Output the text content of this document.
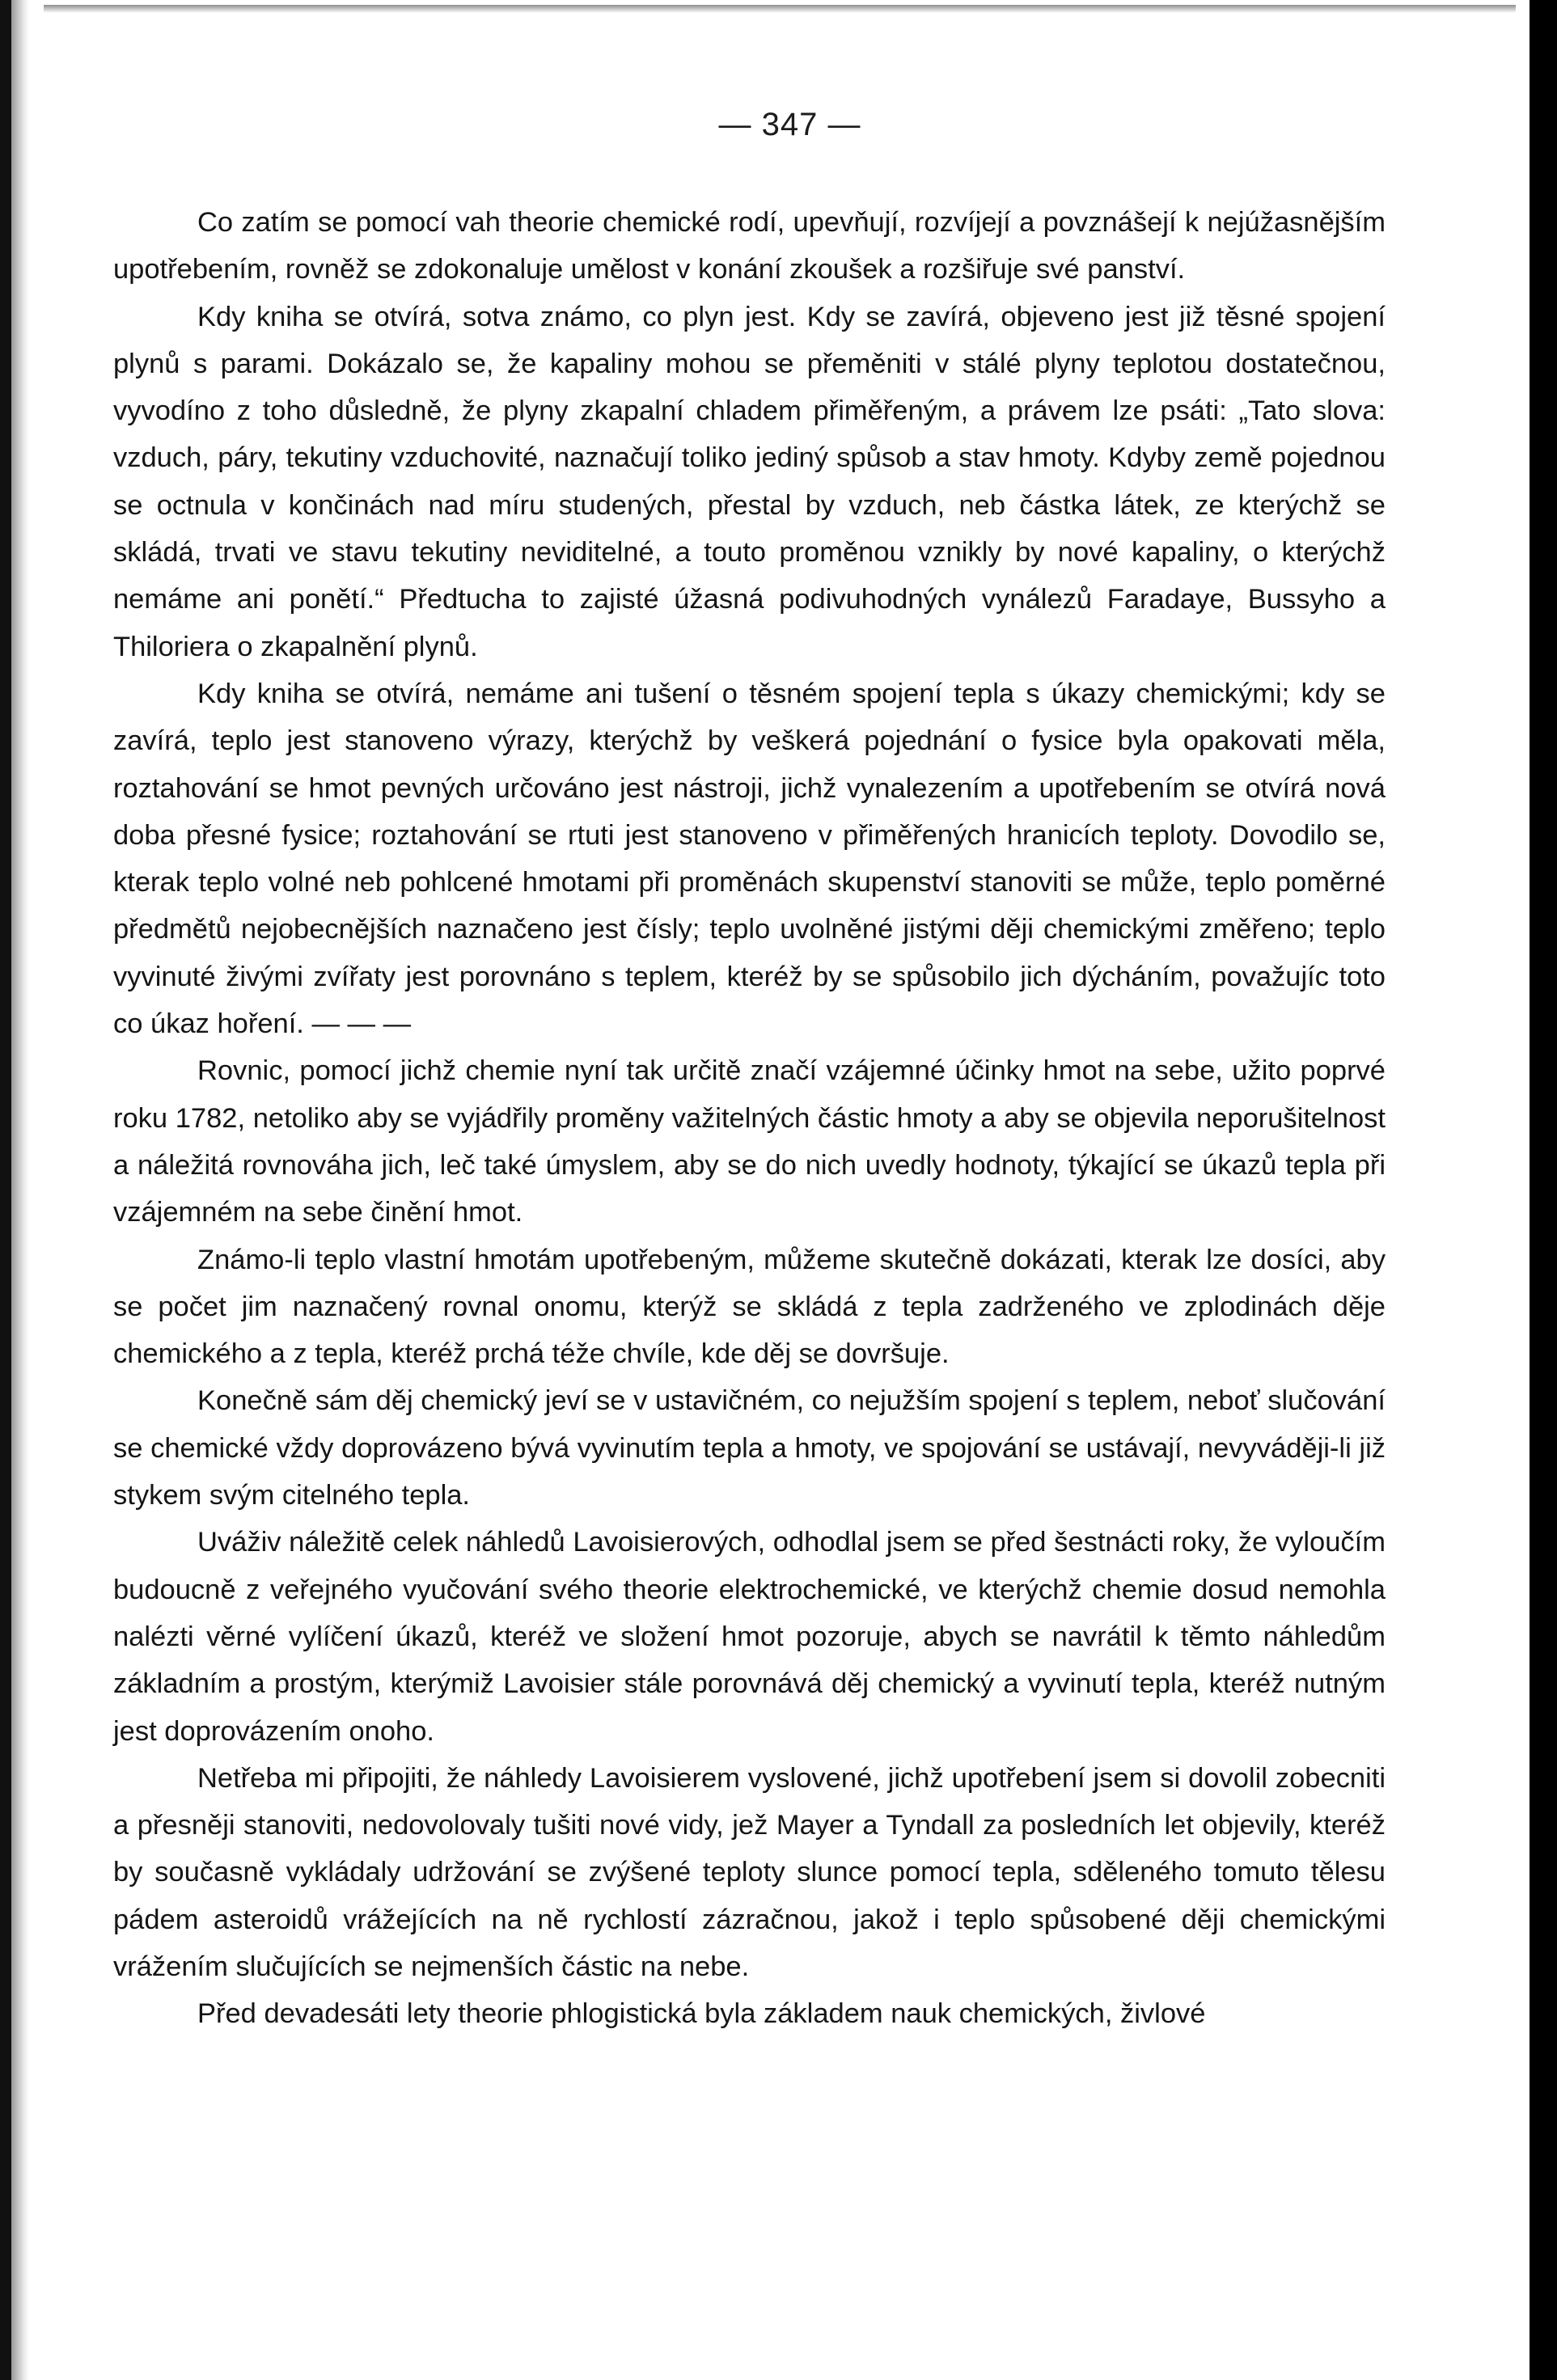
— 347 —

Co zatím se pomocí vah theorie chemické rodí, upevňují, rozvíjejí a povznášejí k nejúžasnějším upotřebením, rovněž se zdokonaluje umělost v konání zkoušek a rozšiřuje své panství.

Kdy kniha se otvírá, sotva známo, co plyn jest. Kdy se zavírá, objeveno jest již těsné spojení plynů s parami. Dokázalo se, že kapaliny mohou se přeměniti v stálé plyny teplotou dostatečnou, vyvodíno z toho důsledně, že plyny zkapalní chladem přiměřeným, a právem lze psáti: „Tato slova: vzduch, páry, tekutiny vzduchovité, naznačují toliko jediný spůsob a stav hmoty. Kdyby země pojednou se octnula v končinách nad míru studených, přestal by vzduch, neb částka látek, ze kterýchž se skládá, trvati ve stavu tekutiny neviditelné, a touto proměnou vznikly by nové kapaliny, o kterýchž nemáme ani ponětí.“ Předtucha to zajisté úžasná podivuhodných vynálezů Faradaye, Bussyho a Thiloriera o zkapalnění plynů.

Kdy kniha se otvírá, nemáme ani tušení o těsném spojení tepla s úkazy chemickými; kdy se zavírá, teplo jest stanoveno výrazy, kterýchž by veškerá pojednání o fysice byla opakovati měla, roztahování se hmot pevných určováno jest nástroji, jichž vynalezením a upotřebením se otvírá nová doba přesné fysice; roztahování se rtuti jest stanoveno v přiměřených hranicích teploty. Dovodilo se, kterak teplo volné neb pohlcené hmotami při proměnách skupenství stanoviti se může, teplo poměrné předmětů nejobecnějších naznačeno jest čísly; teplo uvolněné jistými ději chemickými změřeno; teplo vyvinuté živými zvířaty jest porovnáno s teplem, kteréž by se spůsobilo jich dýcháním, považujíc toto co úkaz hoření. — — —

Rovnic, pomocí jichž chemie nyní tak určitě značí vzájemné účinky hmot na sebe, užito poprvé roku 1782, netoliko aby se vyjádřily proměny važitelných částic hmoty a aby se objevila neporušitelnost a náležitá rovnováha jich, leč také úmyslem, aby se do nich uvedly hodnoty, týkající se úkazů tepla při vzájemném na sebe činění hmot.

Známo-li teplo vlastní hmotám upotřebeným, můžeme skutečně dokázati, kterak lze dosíci, aby se počet jim naznačený rovnal onomu, kterýž se skládá z tepla zadrženého ve zplodinách děje chemického a z tepla, kteréž prchá téže chvíle, kde děj se dovršuje.

Konečně sám děj chemický jeví se v ustavičném, co nejužším spojení s teplem, neboť slučování se chemické vždy doprovázeno bývá vyvinutím tepla a hmoty, ve spojování se ustávají, nevyváději-li již stykem svým citelného tepla.

Uváživ náležitě celek náhledů Lavoisierových, odhodlal jsem se před šestnácti roky, že vyloučím budoucně z veřejného vyučování svého theorie elektrochemické, ve kterýchž chemie dosud nemohla nalézti věrné vylíčení úkazů, kteréž ve složení hmot pozoruje, abych se navrátil k těmto náhledům základním a prostým, kterýmiž Lavoisier stále porovnává děj chemický a vyvinutí tepla, kteréž nutným jest doprovázením onoho.

Netřeba mi připojiti, že náhledy Lavoisierem vyslovené, jichž upotřebení jsem si dovolil zobecniti a přesněji stanoviti, nedovolovaly tušiti nové vidy, jež Mayer a Tyndall za posledních let objevily, kteréž by současně vykládaly udržování se zvýšené teploty slunce pomocí tepla, sděleného tomuto tělesu pádem asteroidů vrážejících na ně rychlostí zázračnou, jakož i teplo spůsobené ději chemickými vrážením slučujících se nejmenších částic na nebe.

Před devadesáti lety theorie phlogistická byla základem nauk chemických, živlové
